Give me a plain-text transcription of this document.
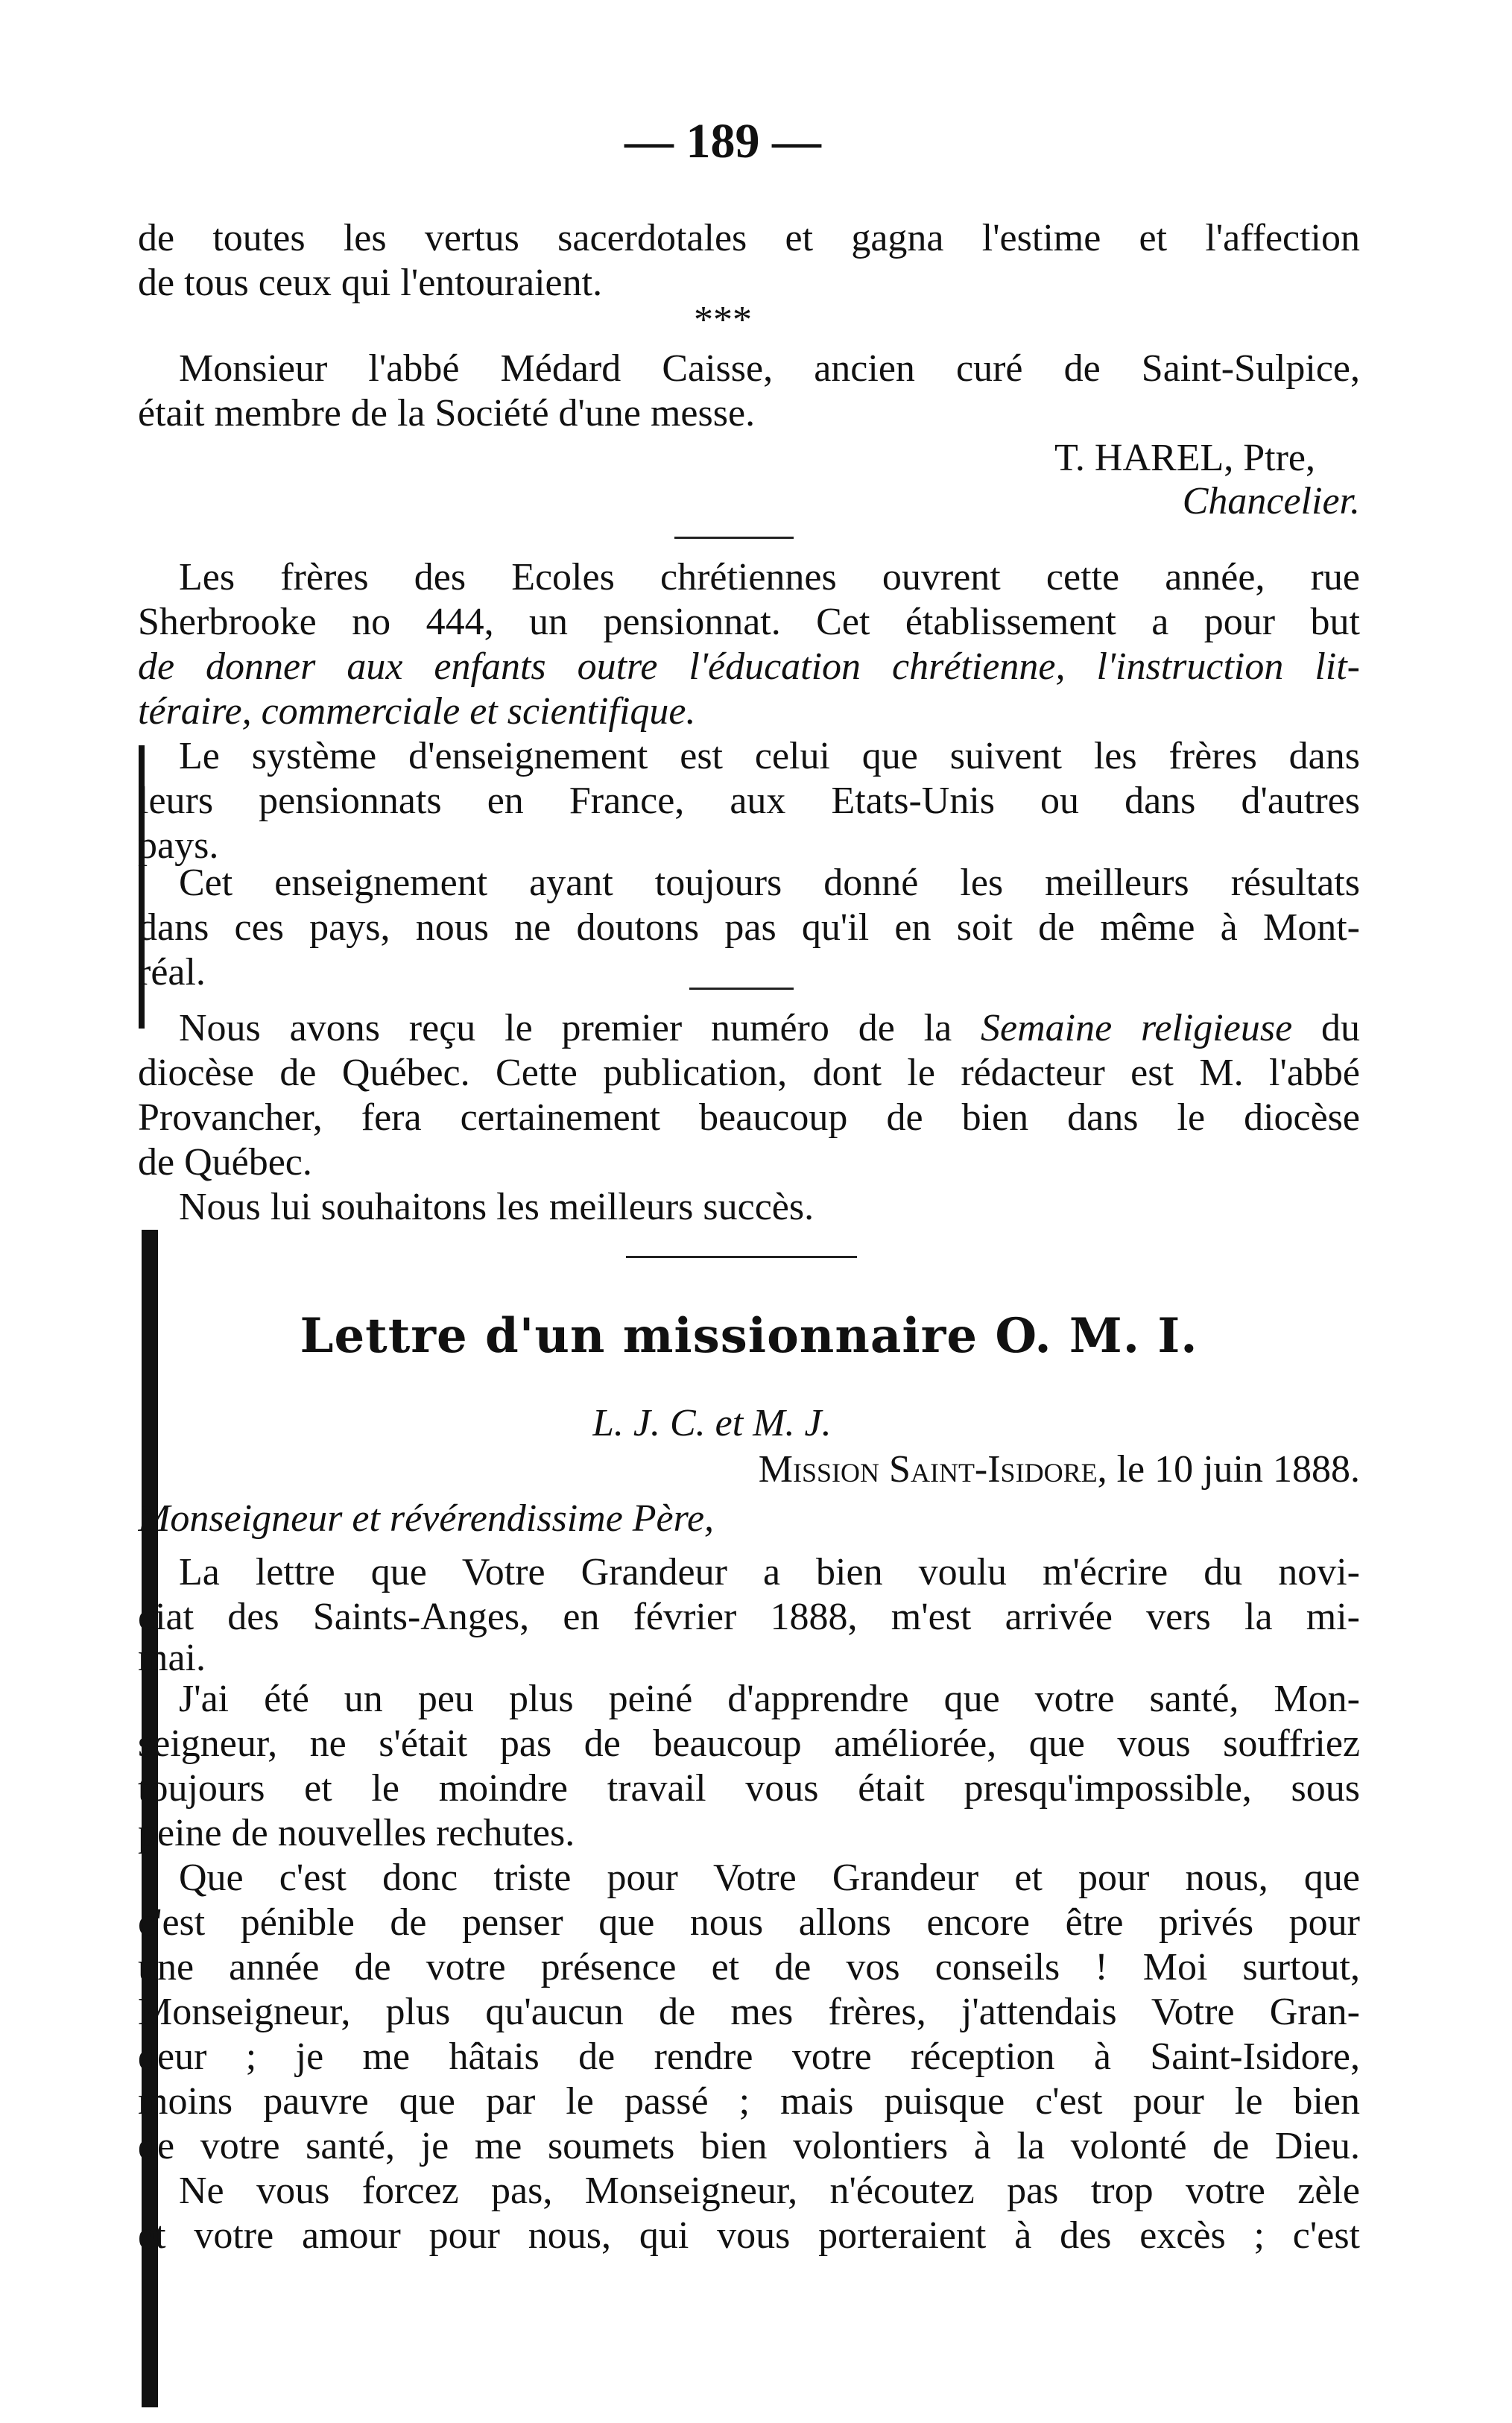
— 189 —
de toutes les vertus sacerdotales et gagna l'estime et l'affection
de tous ceux qui l'entouraient.
***
Monsieur l'abbé Médard Caisse, ancien curé de Saint-Sulpice,
était membre de la Société d'une messe.
T. HAREL, Ptre,
Chancelier.
Les frères des Ecoles chrétiennes ouvrent cette année, rue
Sherbrooke no 444, un pensionnat. Cet établissement a pour but
de donner aux enfants outre l'éducation chrétienne, l'instruction lit-
téraire, commerciale et scientifique.
Le système d'enseignement est celui que suivent les frères dans
leurs pensionnats en France, aux Etats-Unis ou dans d'autres
pays.
Cet enseignement ayant toujours donné les meilleurs résultats
dans ces pays, nous ne doutons pas qu'il en soit de même à Mont-
réal.
Nous avons reçu le premier numéro de la Semaine religieuse du
diocèse de Québec. Cette publication, dont le rédacteur est M. l'abbé
Provancher, fera certainement beaucoup de bien dans le diocèse
de Québec.
Nous lui souhaitons les meilleurs succès.
Lettre d'un missionnaire O. M. I.
L. J. C. et M. J.
Mission Saint-Isidore, le 10 juin 1888.
Monseigneur et révérendissime Père,
La lettre que Votre Grandeur a bien voulu m'écrire du novi-
ciat des Saints-Anges, en février 1888, m'est arrivée vers la mi-
mai.
J'ai été un peu plus peiné d'apprendre que votre santé, Mon-
seigneur, ne s'était pas de beaucoup améliorée, que vous souffriez
toujours et le moindre travail vous était presqu'impossible, sous
peine de nouvelles rechutes.
Que c'est donc triste pour Votre Grandeur et pour nous, que
c'est pénible de penser que nous allons encore être privés pour
une année de votre présence et de vos conseils ! Moi surtout,
Monseigneur, plus qu'aucun de mes frères, j'attendais Votre Gran-
deur ; je me hâtais de rendre votre réception à Saint-Isidore,
moins pauvre que par le passé ; mais puisque c'est pour le bien
de votre santé, je me soumets bien volontiers à la volonté de Dieu.
Ne vous forcez pas, Monseigneur, n'écoutez pas trop votre zèle
et votre amour pour nous, qui vous porteraient à des excès ; c'est
